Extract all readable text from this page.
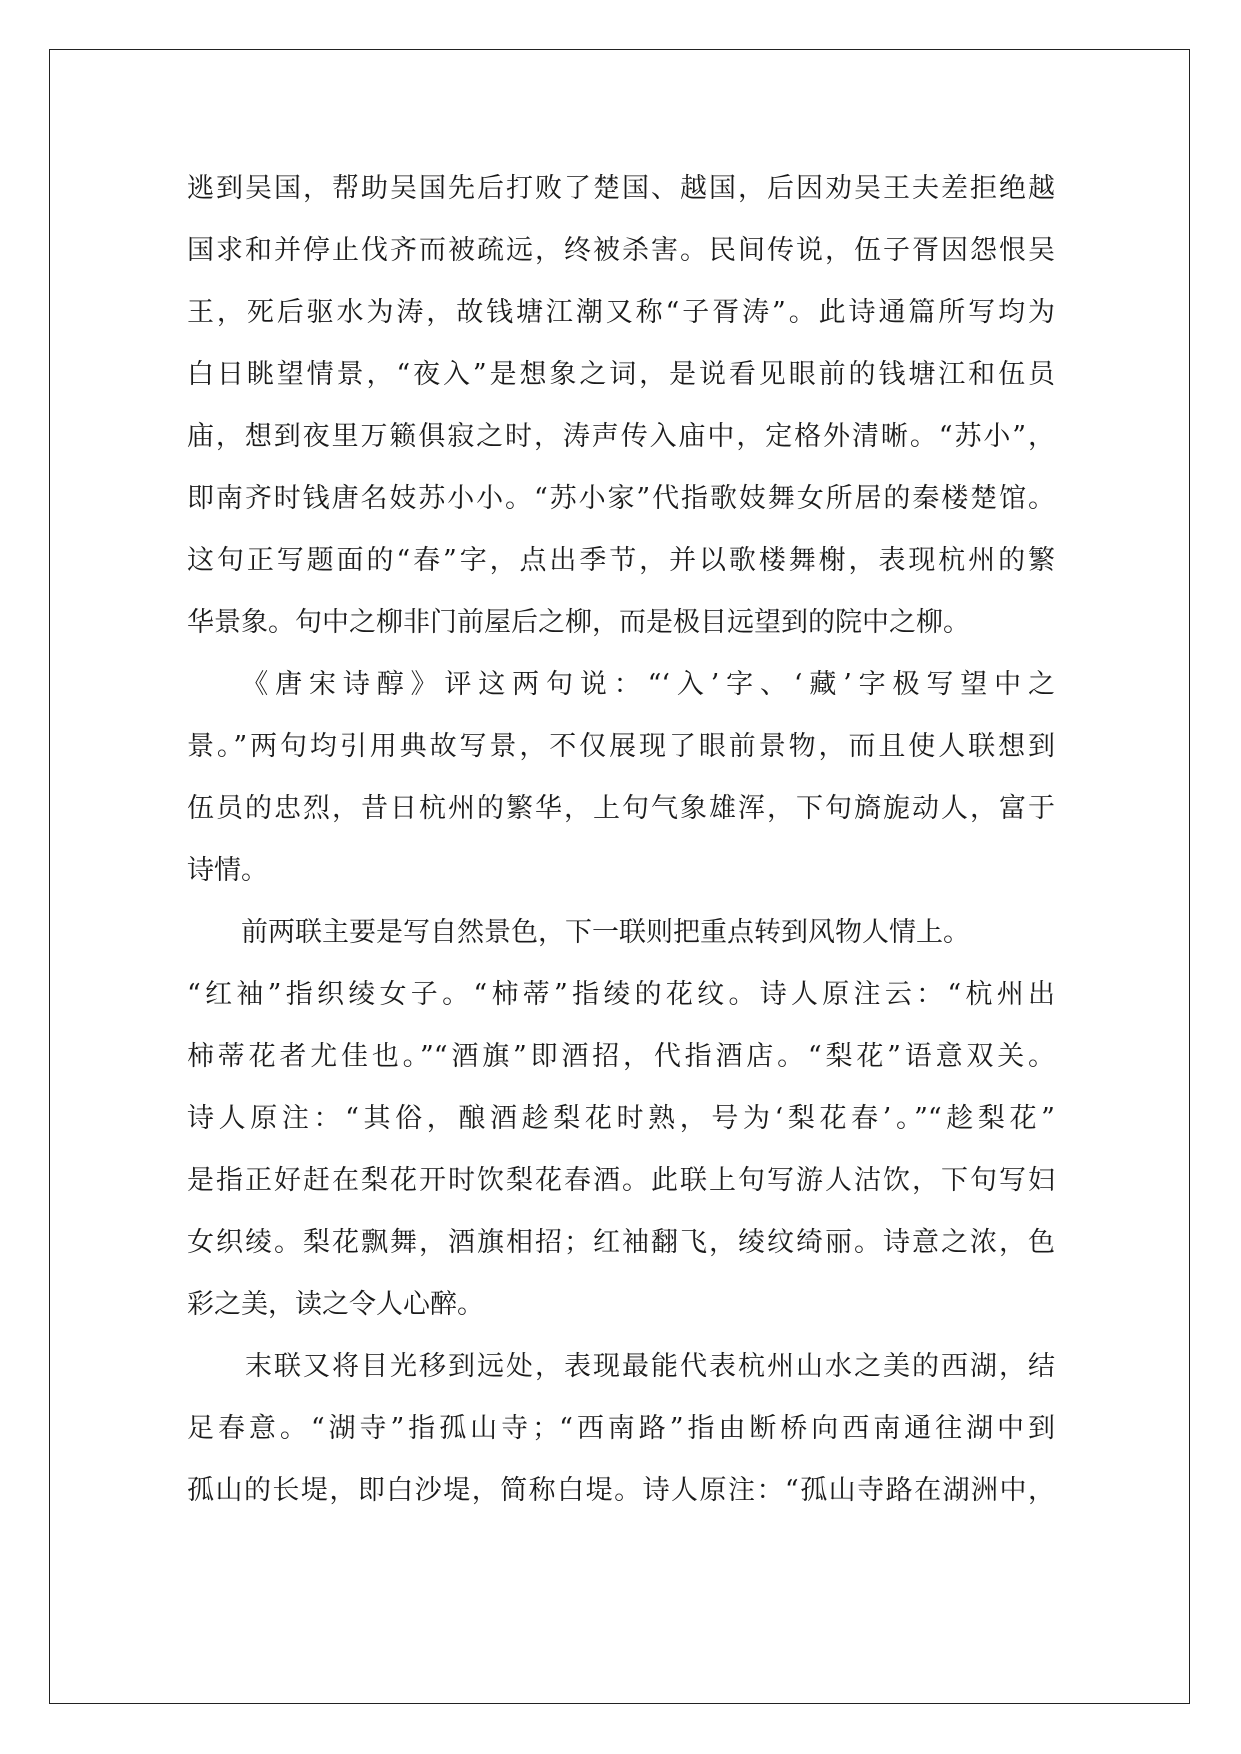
逃到吴国，帮助吴国先后打败了楚国、越国，后因劝吴王夫差拒绝越
国求和并停止伐齐而被疏远，终被杀害。民间传说，伍子胥因怨恨吴
王，死后驱水为涛，故钱塘江潮又称“子胥涛”。此诗通篇所写均为
白日眺望情景，“夜入”是想象之词，是说看见眼前的钱塘江和伍员
庙，想到夜里万籁俱寂之时，涛声传入庙中，定格外清晰。“苏小”，
即南齐时钱唐名妓苏小小。“苏小家”代指歌妓舞女所居的秦楼楚馆。
这句正写题面的“春”字，点出季节，并以歌楼舞榭，表现杭州的繁
华景象。句中之柳非门前屋后之柳，而是极目远望到的院中之柳。
　　《唐宋诗醇》评这两句说：“‘入’字、‘藏’字极写望中之
景。”两句均引用典故写景，不仅展现了眼前景物，而且使人联想到
伍员的忠烈，昔日杭州的繁华，上句气象雄浑，下句旖旎动人，富于
诗情。
　　前两联主要是写自然景色，下一联则把重点转到风物人情上。
“红袖”指织绫女子。“柿蒂”指绫的花纹。诗人原注云：“杭州出
柿蒂花者尤佳也。”“酒旗”即酒招，代指酒店。“梨花”语意双关。
诗人原注：“其俗，酿酒趁梨花时熟，号为‘梨花春’。”“趁梨花”
是指正好赶在梨花开时饮梨花春酒。此联上句写游人沽饮，下句写妇
女织绫。梨花飘舞，酒旗相招；红袖翻飞，绫纹绮丽。诗意之浓，色
彩之美，读之令人心醉。
　　末联又将目光移到远处，表现最能代表杭州山水之美的西湖，结
足春意。“湖寺”指孤山寺；“西南路”指由断桥向西南通往湖中到
孤山的长堤，即白沙堤，简称白堤。诗人原注：“孤山寺路在湖洲中，
